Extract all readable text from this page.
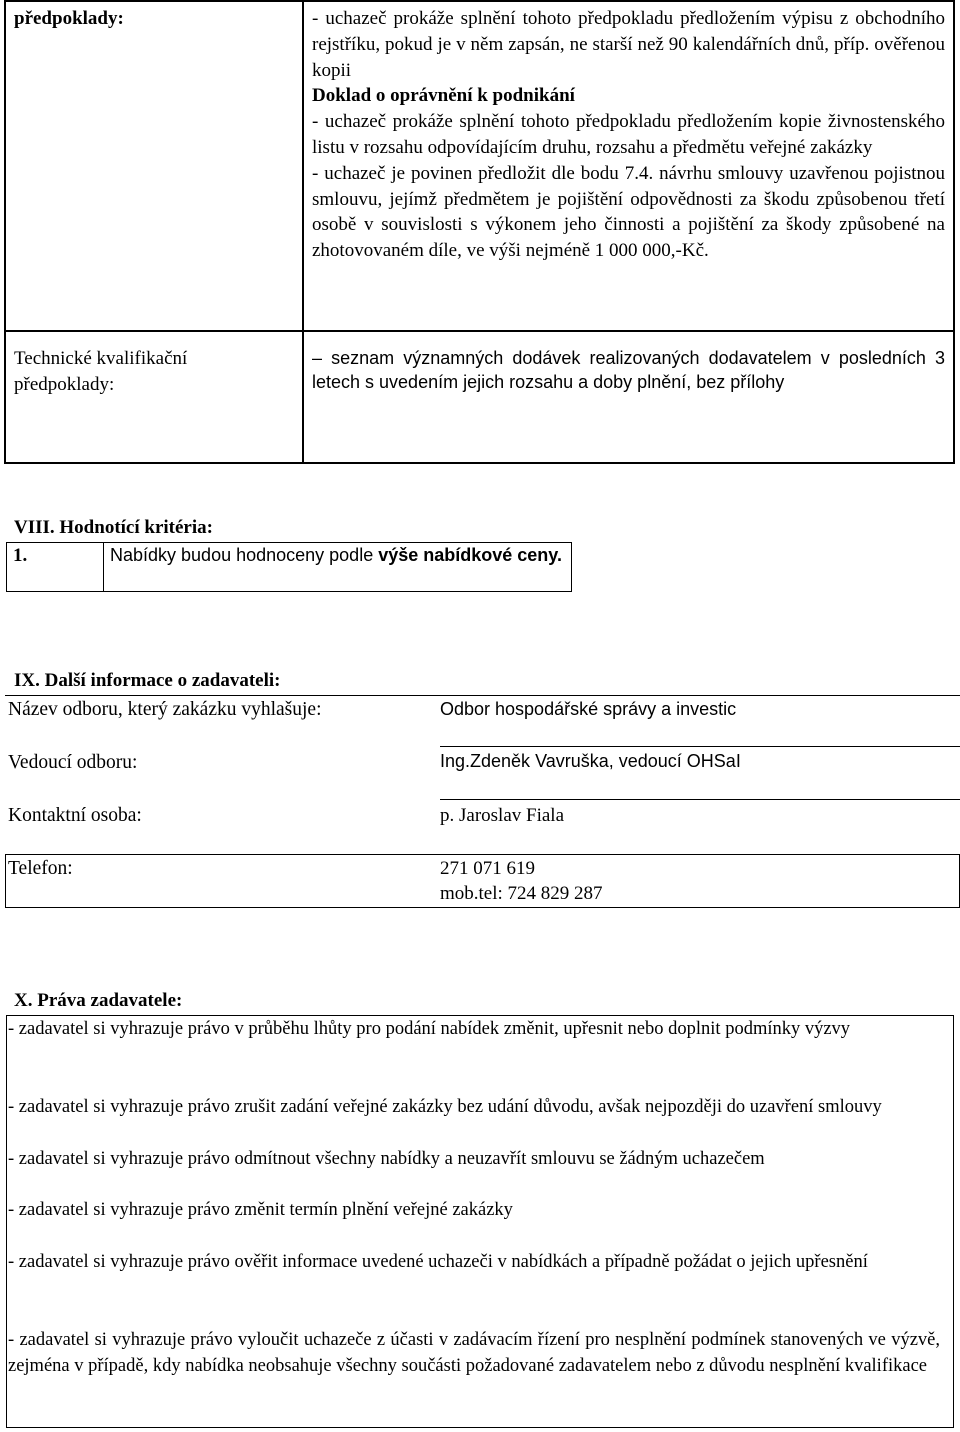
předpoklady:	- uchazeč prokáže splnění tohoto předpokladu předložením výpisu z obchodního rejstříku, pokud je v něm zapsán, ne starší než 90 kalendářních dnů, příp. ověřenou kopii

Doklad o oprávnění k podnikání

- uchazeč prokáže splnění tohoto předpokladu předložením kopie živnostenského listu v rozsahu odpovídajícím druhu, rozsahu a předmětu veřejné zakázky

- uchazeč je povinen předložit dle bodu 7.4. návrhu smlouvy uzavřenou pojistnou smlouvu, jejímž předmětem je pojištění odpovědnosti za škodu způsobenou třetí osobě v souvislosti s výkonem jeho činnosti a pojištění za škody způsobené na zhotovovaném díle, ve výši nejméně 1 000 000,-Kč.

Technické kvalifikační předpoklady:	– seznam významných dodávek realizovaných dodavatelem v posledních 3 letech s uvedením jejich rozsahu a doby plnění, bez přílohy
VIII. Hodnotící kritéria:
1.	Nabídky budou hodnoceny podle výše nabídkové ceny.
IX. Další informace o zadavateli:
Název odboru, který zakázku vyhlašuje:	Odbor hospodářské správy a investic
Vedoucí odboru:	Ing.Zdeněk Vavruška, vedoucí OHSaI
Kontaktní osoba:	p. Jaroslav Fiala
Telefon:	271 071 619
mob.tel: 724 829 287
X. Práva zadavatele:
- zadavatel si vyhrazuje právo v průběhu lhůty pro podání nabídek změnit, upřesnit nebo doplnit podmínky výzvy
- zadavatel si vyhrazuje právo zrušit zadání veřejné zakázky bez udání důvodu, avšak nejpozději do uzavření smlouvy
- zadavatel si vyhrazuje právo odmítnout všechny nabídky a neuzavřít smlouvu se žádným uchazečem
- zadavatel si vyhrazuje právo změnit termín plnění veřejné zakázky
- zadavatel si vyhrazuje právo ověřit informace uvedené uchazeči v nabídkách a případně požádat o jejich upřesnění
- zadavatel si vyhrazuje právo vyloučit uchazeče z účasti v zadávacím řízení pro nesplnění podmínek stanovených ve výzvě, zejména v případě, kdy nabídka neobsahuje všechny součásti požadované zadavatelem nebo z důvodu nesplnění kvalifikace
